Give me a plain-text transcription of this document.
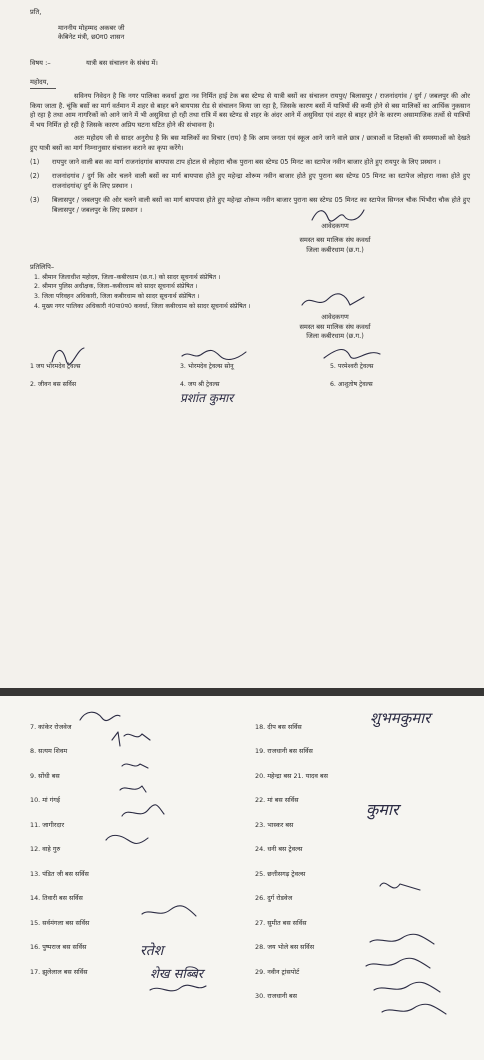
प्रति,

माननीय मोहम्मद अकबर जी

केबिनेट मंत्री, छ0ग0 शासन

विषय :–	यात्री बस संचालन के संबंध में।

महोदय,

सविनय निवेदन है कि नगर पालिका कवर्धा द्वारा नव निर्मित हाई टेक बस स्टेण्ड से यात्री बसों का संचालन रायपुर/ बिलासपुर / राजनांदगांव / दुर्ग / जबलपुर की ओर किया जाता है. चूंकि बसों का मार्ग वर्तमान में शहर से बाहर बने बायपास रोड से संचालन किया जा रहा है, जिसके कारण बसों में यात्रियों की कमी होने से बस मालिकों का आर्थिक नुकसान हो रहा है तथा आम नागरिकों को आने जाने में भी असुविधा हो रही तथा रात्रि में बस स्टेण्ड से शहर के अंदर आने में असुविधा एवं शहर से बाहर होने के कारण असामाजिक तत्वों से यात्रियों में भय निर्मित हो रही है जिसके कारण अप्रिय घटना घटित होने की संभावना है।

अतः महोदय जी से सादर अनुरोध है कि बस मालिकों का विचार (राय) है कि आम जनता एवं स्कूल आने जाने वाले छात्र / छात्राओं व शिक्षकों की समस्याओं को देखते हुए यात्री बसों का मार्ग निम्नानुसार संचालन कराने का कृपा करेंगे।

(1)	रायपुर जाने वाली बस का मार्ग राजनांदगांव बायपास टाप होटल से लोहारा चौक पुराना बस स्टेण्ड 05 मिनट का स्टापेज नवीन बाजार होते हुए रायपुर के लिए प्रस्थान ।

(2)	राजनांदगांव / दुर्ग कि ओर चलने वाली बसों का मार्ग बायपास होते हुए महेन्द्रा शोरूम नवीन बाजार होते हुए पुराना बस स्टेण्ड 05 मिनट का स्टापेज लोहारा नाका होते हुए राजनांदगांव/ दुर्ग के लिए प्रस्थान ।

(3)	बिलासपुर / जबलपुर की ओर चलने वाली बसों का मार्ग बायपास होते हुए महेन्द्रा शोरूम नवीन बाजार पुराना बस स्टेण्ड 05 मिनट का स्टापेज सिग्नल चौक भिंभौरा चौक होते हुए बिलासपुर / जबलपुर के लिए प्रस्थान ।

आवेदकगण

समस्त बस मालिक संघ कवर्धा

जिला कबीरधाम (छ.ग.)

प्रतिलिपि–

1. श्रीमान जिलाधीश महोदय, जिला–कबीरधाम (छ.ग.) को सादर सूचनार्थ संप्रेषित ।

2. श्रीमान पुलिस अधीक्षक, जिला–कबीरधाम को सादर सूचनार्थ संप्रेषित ।

3. जिला परिवहन अधिकारी, जिला कबीरधाम को सादर सूचनार्थ संप्रेषित ।

4. मुख्य नगर पालिका अधिकारी नं0पा0प0 कवर्धा, जिला कबीरधाम को सादर सूचनार्थ संप्रेषित ।

आवेदकगण

समस्त बस मालिक संघ कवर्धा

जिला कबीरधाम (छ.ग.)

1 जय भोरमदेव ट्रेवल्स	3. भोरमदेव ट्रेवल्स सोनू	5. परमेश्वरी ट्रेवल्स

2. जीवन बस सर्विस	4. जय श्री ट्रेवल्स	6. आशुतोष ट्रेवल्स

प्रशांत कुमार
7. कांकेर रोजवेज
8. सत्यम शिवम
9. सोंधी बस
10. मां गंगई
11. जागीरदार
12. वाहे गुरु
13. पंडित जी बस सर्विस
14. तिवारी बस सर्विस
15. सर्वमंगला बस सर्विस
16. पुष्पराज बस सर्विस
17. झुलेलाल बस सर्विस
18. दीप बस सर्विस
19. राजधानी बस सर्विस
20. महेन्द्रा बस 21. यादव बस
22. मां बस सर्विस
23. भास्कर बस
24. धनी बस ट्रेवल्स
25. छत्तीसगढ़ ट्रेवल्स
26. दुर्ग रोडवेज
27. सुमीत बस सर्विस
28. जय भोले बस सर्विस
29. नवीन ट्रांसपोर्ट
30. राजधानी बस
शुभमकुमार
कुमार
रतेश
शेख सब्बिर
